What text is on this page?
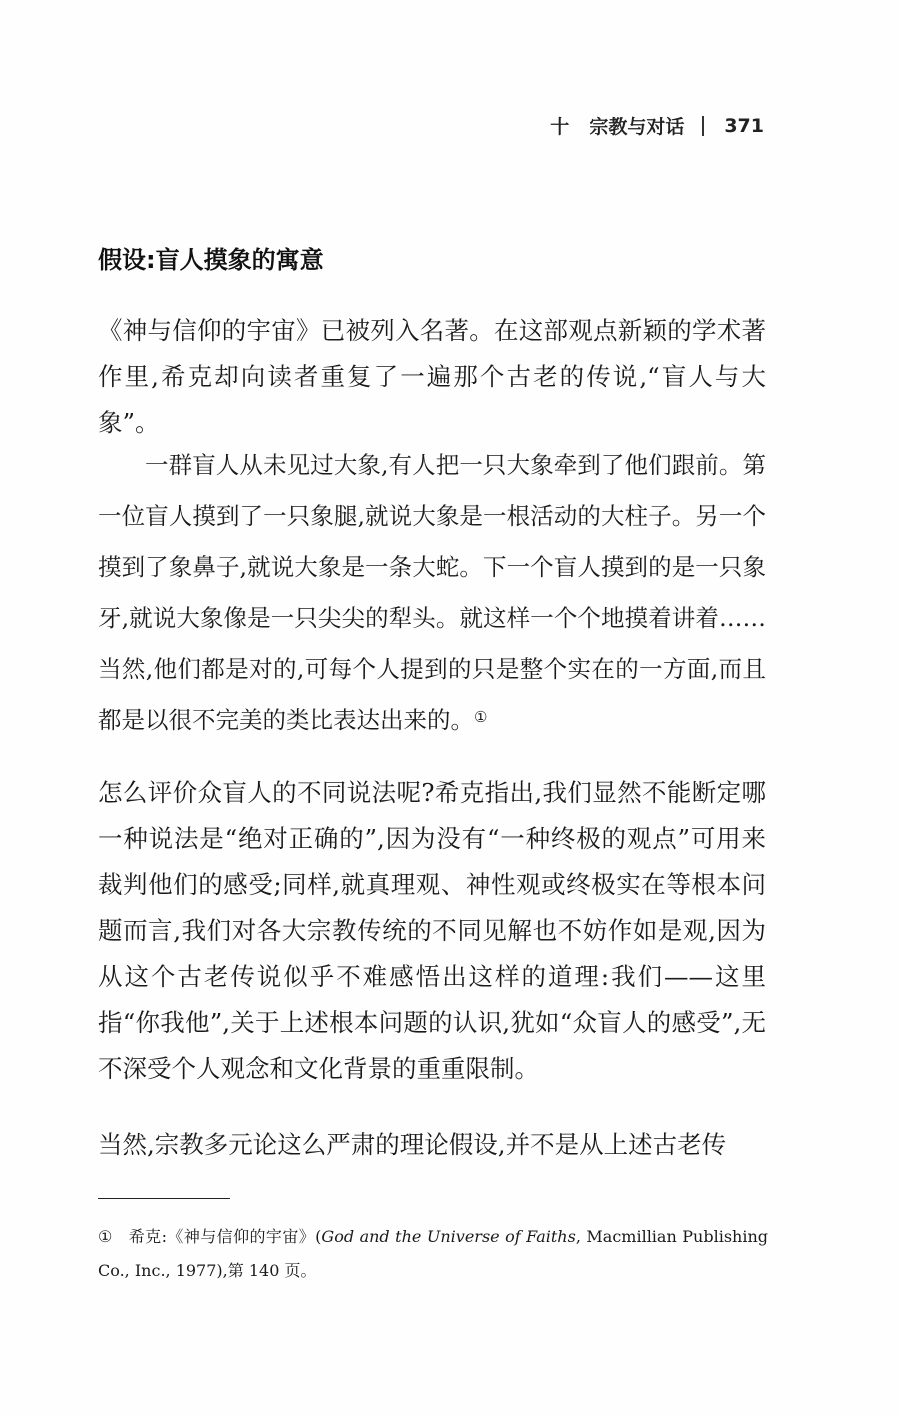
十 宗教与对话 371
假设:盲人摸象的寓意

《神与信仰的宇宙》已被列入名著。在这部观点新颖的学术著作里,希克却向读者重复了一遍那个古老的传说,“盲人与大象”。

一群盲人从未见过大象,有人把一只大象牵到了他们跟前。第一位盲人摸到了一只象腿,就说大象是一根活动的大柱子。另一个摸到了象鼻子,就说大象是一条大蛇。下一个盲人摸到的是一只象牙,就说大象像是一只尖尖的犁头。就这样一个个地摸着讲着……当然,他们都是对的,可每个人提到的只是整个实在的一方面,而且都是以很不完美的类比表达出来的。①

怎么评价众盲人的不同说法呢?希克指出,我们显然不能断定哪一种说法是“绝对正确的”,因为没有“一种终极的观点”可用来裁判他们的感受;同样,就真理观、神性观或终极实在等根本问题而言,我们对各大宗教传统的不同见解也不妨作如是观,因为从这个古老传说似乎不难感悟出这样的道理:我们——这里指“你我他”,关于上述根本问题的认识,犹如“众盲人的感受”,无不深受个人观念和文化背景的重重限制。

当然,宗教多元论这么严肃的理论假设,并不是从上述古老传

① 希克:《神与信仰的宇宙》(God and the Universe of Faiths, Macmillian Publishing Co., Inc., 1977),第 140 页。
